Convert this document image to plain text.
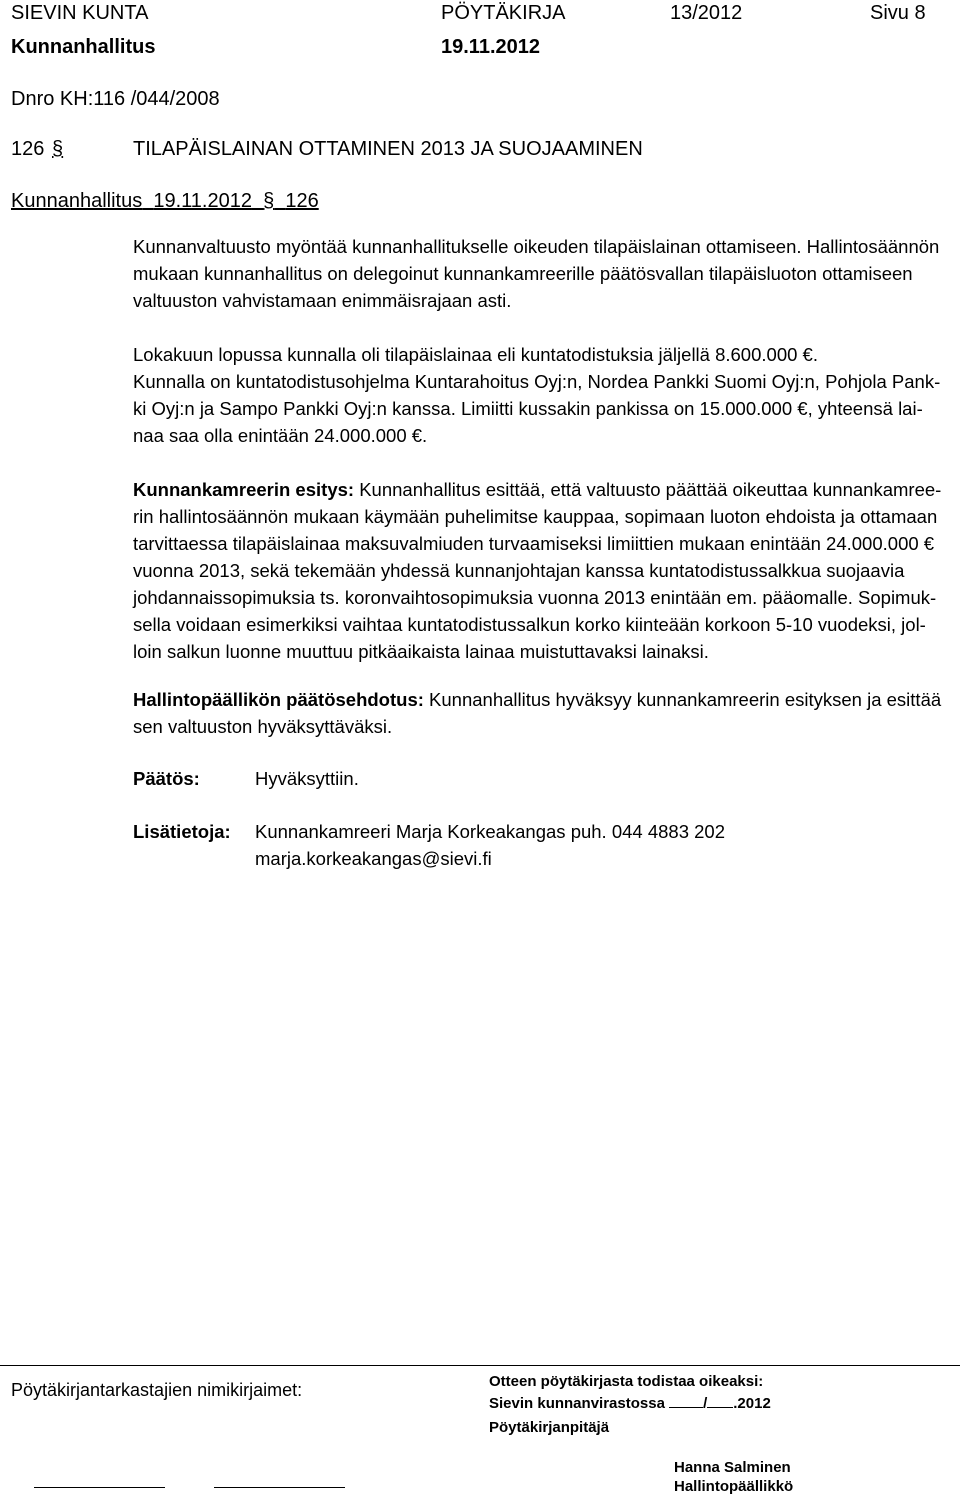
SIEVIN KUNTA	PÖYTÄKIRJA	13/2012	Sivu 8
Kunnanhallitus	19.11.2012
Dnro KH:116 /044/2008
126 §	TILAPÄISLAINAN OTTAMINEN 2013 JA SUOJAAMINEN
Kunnanhallitus 19.11.2012 § 126

Kunnanvaltuusto myöntää kunnanhallitukselle oikeuden tilapäislainan ottamiseen. Hallintosäännön

mukaan kunnanhallitus on delegoinut kunnankamreerille päätösvallan tilapäisluoton ottamiseen

valtuuston vahvistamaan enimmäisrajaan asti.

Lokakuun lopussa kunnalla oli tilapäislainaa eli kuntatodistuksia jäljellä 8.600.000 €.

Kunnalla on kuntatodistusohjelma Kuntarahoitus Oyj:n, Nordea Pankki Suomi Oyj:n, Pohjola Pank-

ki Oyj:n ja Sampo Pankki Oyj:n kanssa. Limiitti kussakin pankissa on 15.000.000 €, yhteensä lai-

naa saa olla enintään 24.000.000 €.

Kunnankamreerin esitys: Kunnanhallitus esittää, että valtuusto päättää oikeuttaa kunnankamree-

rin hallintosäännön mukaan käymään puhelimitse kauppaa, sopimaan luoton ehdoista ja ottamaan

tarvittaessa tilapäislainaa maksuvalmiuden turvaamiseksi limiittien mukaan enintään 24.000.000 €

vuonna 2013, sekä tekemään yhdessä kunnanjohtajan kanssa kuntatodistussalkkua suojaavia

johdannaissopimuksia ts. koronvaihtosopimuksia vuonna 2013 enintään em. pääomalle. Sopimuk-

sella voidaan esimerkiksi vaihtaa kuntatodistussalkun korko kiinteään korkoon 5-10 vuodeksi, jol-

loin salkun luonne muuttuu pitkäaikaista lainaa muistuttavaksi lainaksi.

Hallintopäällikön päätösehdotus: Kunnanhallitus hyväksyy kunnankamreerin esityksen ja esittää

sen valtuuston hyväksyttäväksi.

Päätös:	Hyväksyttiin.
Lisätietoja: Kunnankamreeri Marja Korkeakangas puh. 044 4883 202
marja.korkeakangas@sievi.fi
Pöytäkirjantarkastajien nimikirjaimet:	Otteen pöytäkirjasta todistaa oikeaksi:
Sievin kunnanvirastossa	/ .2012
Pöytäkirjanpitäjä
Hanna Salminen
Hallintopäällikkö
